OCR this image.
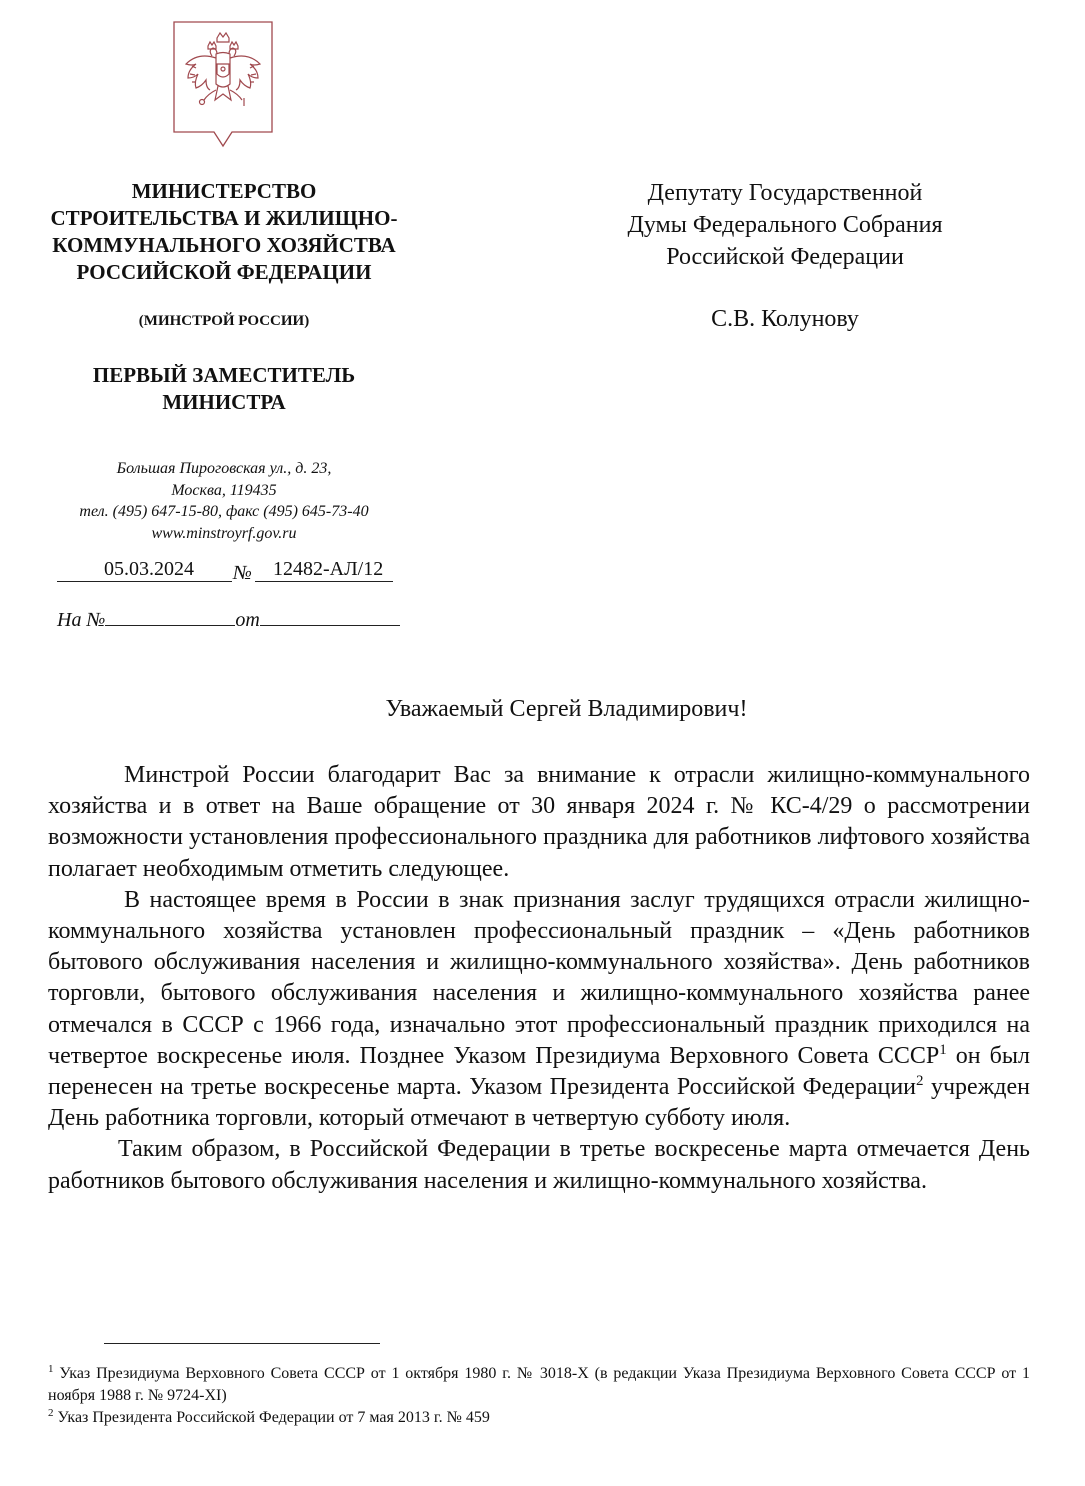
МИНИСТЕРСТВО
СТРОИТЕЛЬСТВА И ЖИЛИЩНО-
КОММУНАЛЬНОГО ХОЗЯЙСТВА
РОССИЙСКОЙ ФЕДЕРАЦИИ
(МИНСТРОЙ РОССИИ)
ПЕРВЫЙ ЗАМЕСТИТЕЛЬ
МИНИСТРА
Большая Пироговская ул., д. 23,
Москва, 119435
тел. (495) 647-15-80, факс (495) 645-73-40
www.minstroyrf.gov.ru
05.03.2024 № 12482-АЛ/12
На №	от
Депутату Государственной
Думы Федерального Собрания
Российской Федерации
С.В. Колунову
Уважаемый Сергей Владимирович!

Минстрой России благодарит Вас за внимание к отрасли жилищно-коммунального хозяйства и в ответ на Ваше обращение от 30 января 2024 г. № КС-4/29 о рассмотрении возможности установления профессионального праздника для работников лифтового хозяйства полагает необходимым отметить следующее.

В настоящее время в России в знак признания заслуг трудящихся отрасли жилищно-коммунального хозяйства установлен профессиональный праздник – «День работников бытового обслуживания населения и жилищно-коммунального хозяйства». День работников торговли, бытового обслуживания населения и жилищно-коммунального хозяйства ранее отмечался в СССР с 1966 года, изначально этот профессиональный праздник приходился на четвертое воскресенье июля. Позднее Указом Президиума Верховного Совета СССР$^1$ он был перенесен на третье воскресенье марта. Указом Президента Российской Федерации$^2$ учрежден День работника торговли, который отмечают в четвертую субботу июля.

Таким образом, в Российской Федерации в третье воскресенье марта отмечается День работников бытового обслуживания населения и жилищно-коммунального хозяйства.

$^1$ Указ Президиума Верховного Совета СССР от 1 октября 1980 г. № 3018-X (в редакции Указа Президиума Верховного Совета СССР от 1 ноября 1988 г. № 9724-XI)

$^2$ Указ Президента Российской Федерации от 7 мая 2013 г. № 459
